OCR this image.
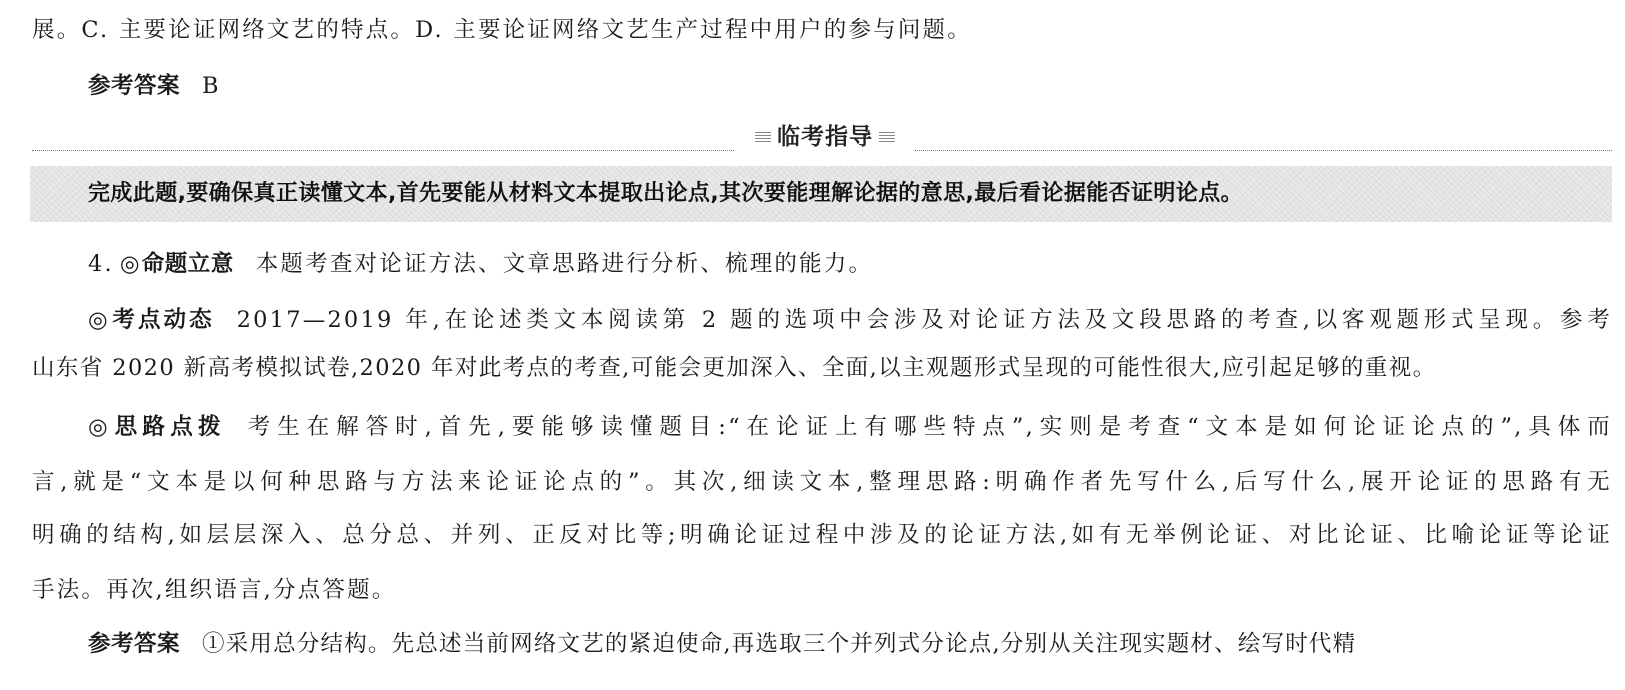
展。C. 主要论证网络文艺的特点。D. 主要论证网络文艺生产过程中用户的参与问题。
参考答案 B
临考指导
完成此题,要确保真正读懂文本,首先要能从材料文本提取出论点,其次要能理解论据的意思,最后看论据能否证明论点。
4. ◎命题立意 本题考查对论证方法、文章思路进行分析、梳理的能力。
◎考点动态 2017—2019 年,在论述类文本阅读第 2 题的选项中会涉及对论证方法及文段思路的考查,以客观题形式呈现。参考
山东省 2020 新高考模拟试卷,2020 年对此考点的考查,可能会更加深入、全面,以主观题形式呈现的可能性很大,应引起足够的重视。
◎思路点拨 考生在解答时,首先,要能够读懂题目:“在论证上有哪些特点”,实则是考查“文本是如何论证论点的”,具体而
言,就是“文本是以何种思路与方法来论证论点的”。其次,细读文本,整理思路:明确作者先写什么,后写什么,展开论证的思路有无
明确的结构,如层层深入、总分总、并列、正反对比等;明确论证过程中涉及的论证方法,如有无举例论证、对比论证、比喻论证等论证
手法。再次,组织语言,分点答题。
参考答案 ①采用总分结构。先总述当前网络文艺的紧迫使命,再选取三个并列式分论点,分别从关注现实题材、绘写时代精
